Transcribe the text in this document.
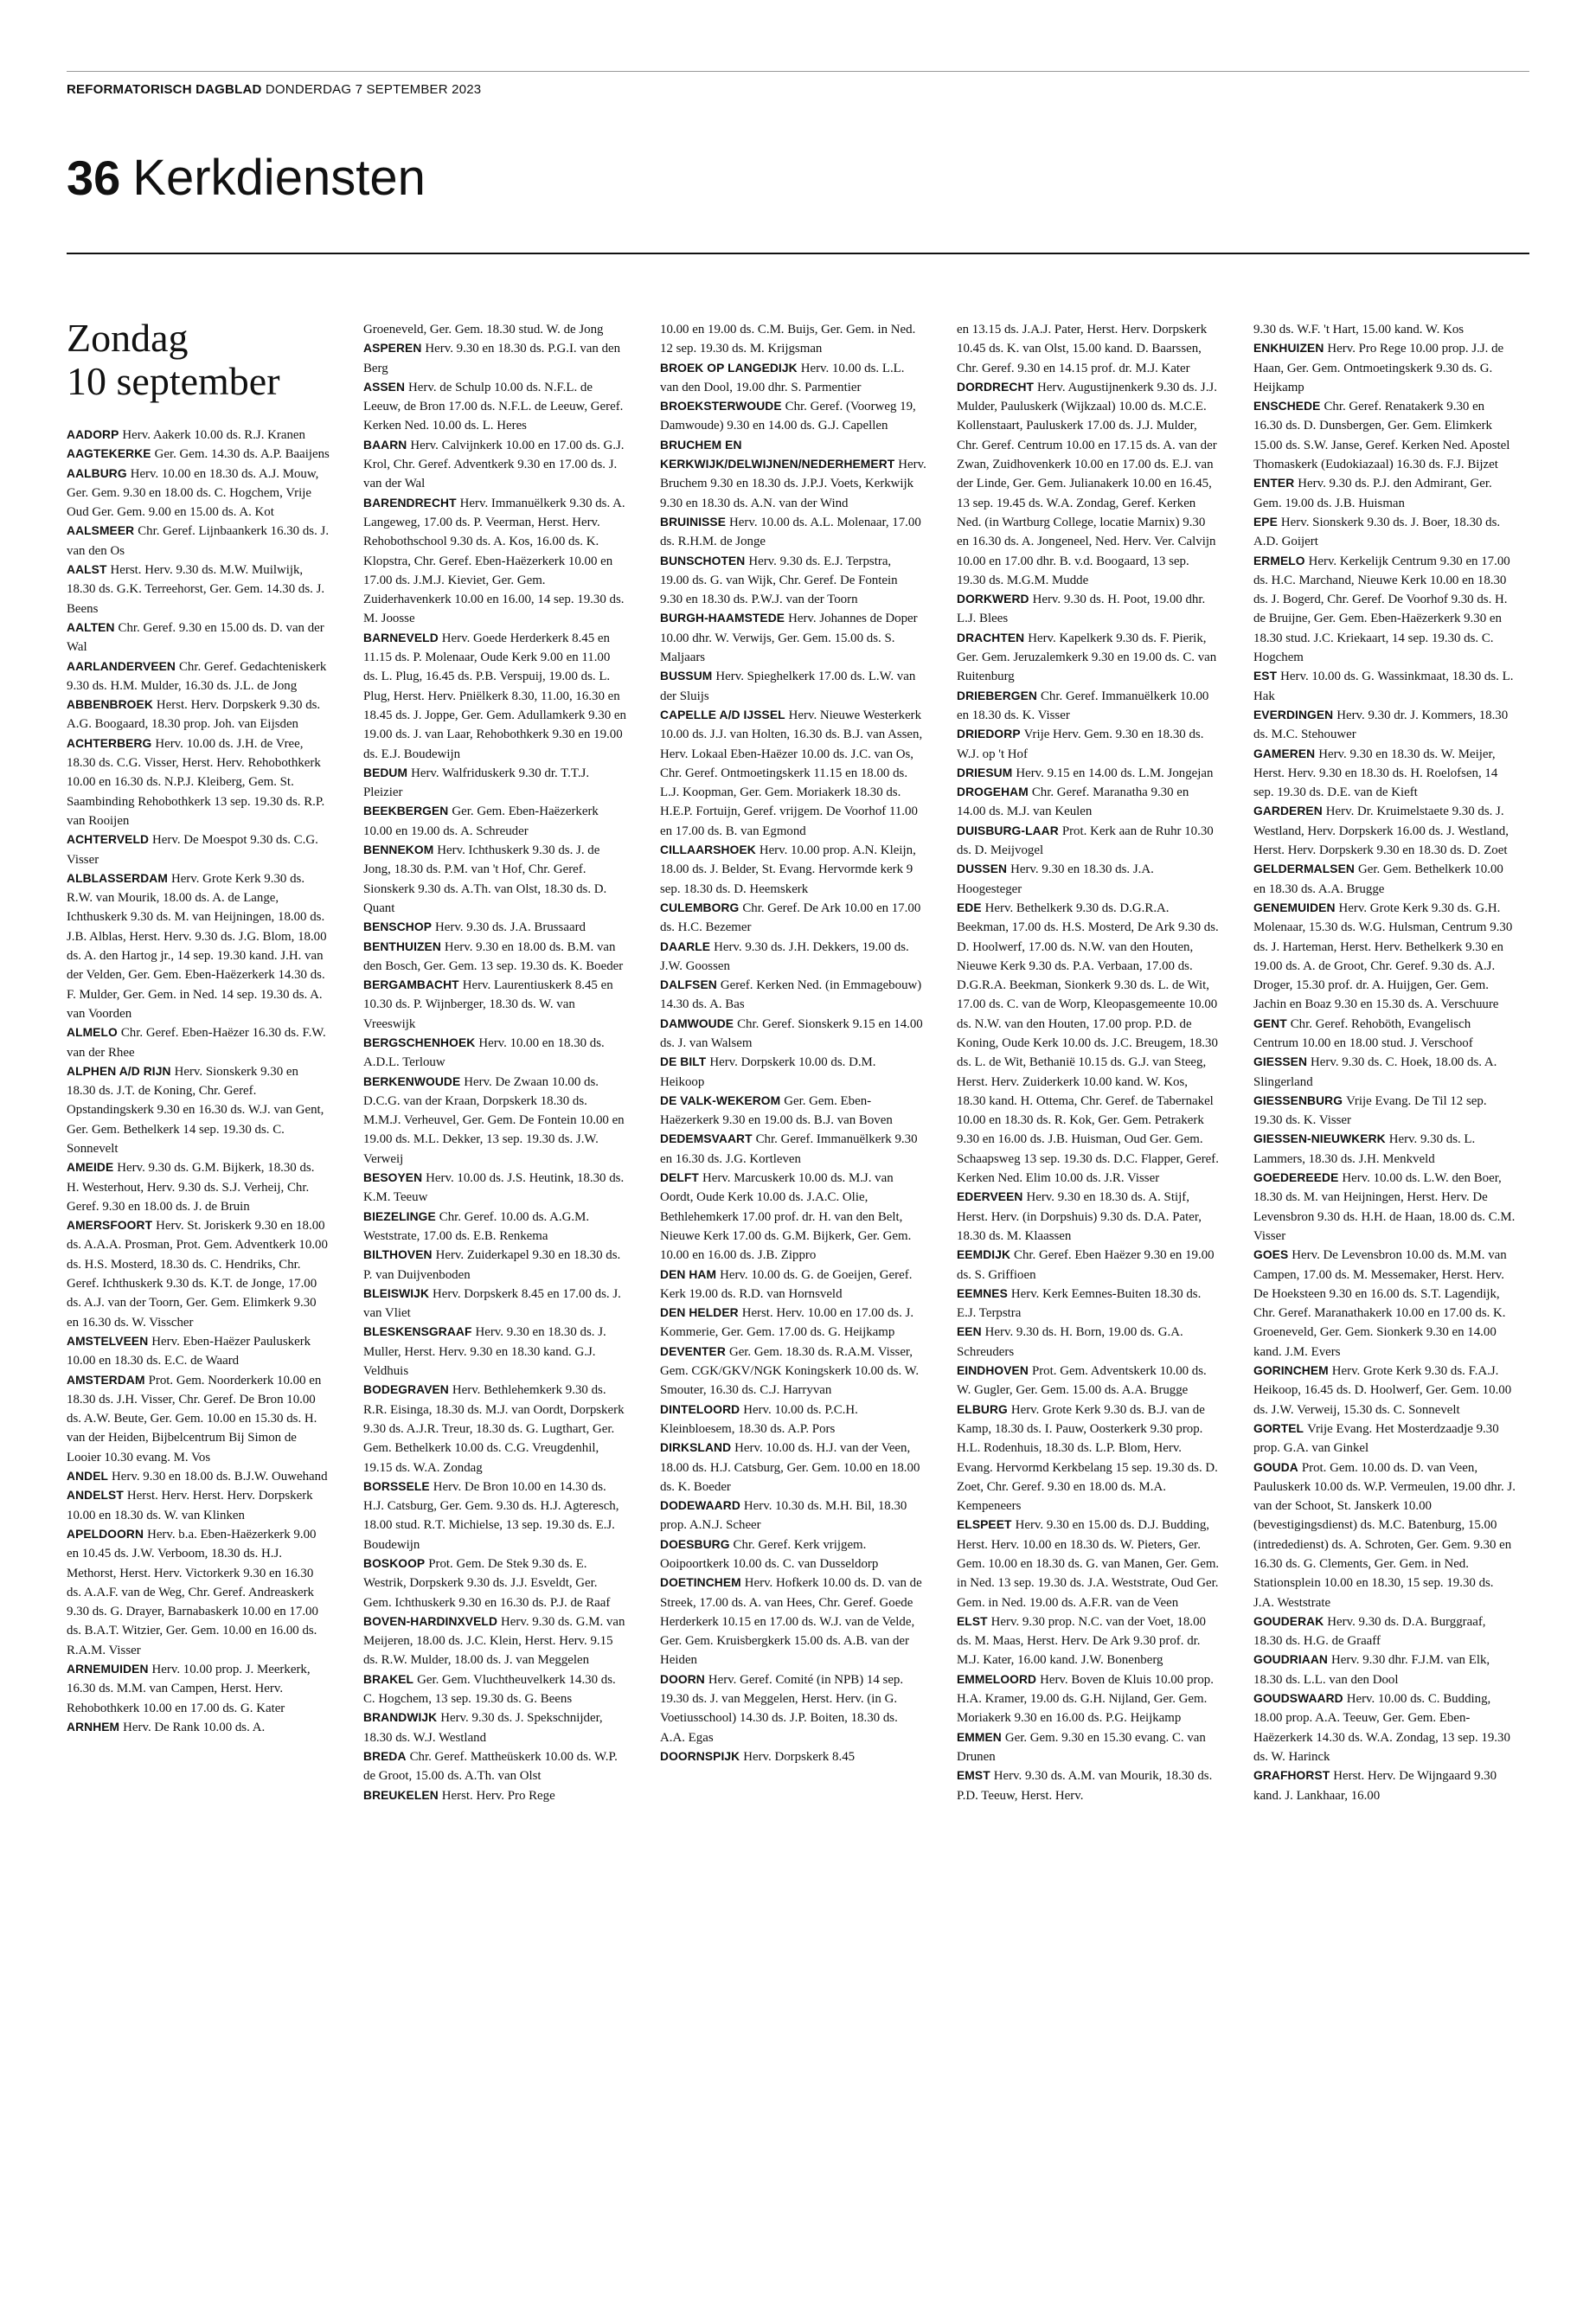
REFORMATORISCH DAGBLAD DONDERDAG 7 SEPTEMBER 2023
36 Kerkdiensten
Zondag
10 september

AADORP Herv. Aakerk 10.00 ds. R.J. Kranen

AAGTEKERKE Ger. Gem. 14.30 ds. A.P. Baaijens

AALBURG Herv. 10.00 en 18.30 ds. A.J. Mouw, Ger. Gem. 9.30 en 18.00 ds. C. Hogchem, Vrije Oud Ger. Gem. 9.00 en 15.00 ds. A. Kot

AALSMEER Chr. Geref. Lijnbaankerk 16.30 ds. J. van den Os

AALST Herst. Herv. 9.30 ds. M.W. Muilwijk, 18.30 ds. G.K. Terreehorst, Ger. Gem. 14.30 ds. J. Beens

AALTEN Chr. Geref. 9.30 en 15.00 ds. D. van der Wal

AARLANDERVEEN Chr. Geref. Gedachteniskerk 9.30 ds. H.M. Mulder, 16.30 ds. J.L. de Jong

ABBENBROEK Herst. Herv. Dorpskerk 9.30 ds. A.G. Boogaard, 18.30 prop. Joh. van Eijsden

ACHTERBERG Herv. 10.00 ds. J.H. de Vree, 18.30 ds. C.G. Visser, Herst. Herv. Rehobothkerk 10.00 en 16.30 ds. N.P.J. Kleiberg, Gem. St. Saambinding Rehobothkerk 13 sep. 19.30 ds. R.P. van Rooijen

ACHTERVELD Herv. De Moespot 9.30 ds. C.G. Visser

ALBLASSERDAM Herv. Grote Kerk 9.30 ds. R.W. van Mourik, 18.00 ds. A. de Lange, Ichthuskerk 9.30 ds. M. van Heijningen, 18.00 ds. J.B. Alblas, Herst. Herv. 9.30 ds. J.G. Blom, 18.00 ds. A. den Hartog jr., 14 sep. 19.30 kand. J.H. van der Velden, Ger. Gem. Eben-Haëzerkerk 14.30 ds. F. Mulder, Ger. Gem. in Ned. 14 sep. 19.30 ds. A. van Voorden

ALMELO Chr. Geref. Eben-Haëzer 16.30 ds. F.W. van der Rhee

ALPHEN A/D RIJN Herv. Sionskerk 9.30 en 18.30 ds. J.T. de Koning, Chr. Geref. Opstandingskerk 9.30 en 16.30 ds. W.J. van Gent, Ger. Gem. Bethelkerk 14 sep. 19.30 ds. C. Sonnevelt

AMEIDE Herv. 9.30 ds. G.M. Bijkerk, 18.30 ds. H. Westerhout, Herv. 9.30 ds. S.J. Verheij, Chr. Geref. 9.30 en 18.00 ds. J. de Bruin

AMERSFOORT Herv. St. Joriskerk 9.30 en 18.00 ds. A.A.A. Prosman, Prot. Gem. Adventkerk 10.00 ds. H.S. Mosterd, 18.30 ds. C. Hendriks, Chr. Geref. Ichthuskerk 9.30 ds. K.T. de Jonge, 17.00 ds. A.J. van der Toorn, Ger. Gem. Elimkerk 9.30 en 16.30 ds. W. Visscher

AMSTELVEEN Herv. Eben-Haëzer Pauluskerk 10.00 en 18.30 ds. E.C. de Waard

AMSTERDAM Prot. Gem. Noorderkerk 10.00 en 18.30 ds. J.H. Visser, Chr. Geref. De Bron 10.00 ds. A.W. Beute, Ger. Gem. 10.00 en 15.30 ds. H. van der Heiden, Bijbelcentrum Bij Simon de Looier 10.30 evang. M. Vos

ANDEL Herv. 9.30 en 18.00 ds. B.J.W. Ouwehand

ANDELST Herst. Herv. Herst. Herv. Dorpskerk 10.00 en 18.30 ds. W. van Klinken

APELDOORN Herv. b.a. Eben-Haëzerkerk 9.00 en 10.45 ds. J.W. Verboom, 18.30 ds. H.J. Methorst, Herst. Herv. Victorkerk 9.30 en 16.30 ds. A.A.F. van de Weg, Chr. Geref. Andreaskerk 9.30 ds. G. Drayer, Barnabaskerk 10.00 en 17.00 ds. B.A.T. Witzier, Ger. Gem. 10.00 en 16.00 ds. R.A.M. Visser

ARNEMUIDEN Herv. 10.00 prop. J. Meerkerk, 16.30 ds. M.M. van Campen, Herst. Herv. Rehobothkerk 10.00 en 17.00 ds. G. Kater

ARNHEM Herv. De Rank 10.00 ds. A.

Groeneveld, Ger. Gem. 18.30 stud. W. de Jong

ASPEREN Herv. 9.30 en 18.30 ds. P.G.I. van den Berg

ASSEN Herv. de Schulp 10.00 ds. N.F.L. de Leeuw, de Bron 17.00 ds. N.F.L. de Leeuw, Geref. Kerken Ned. 10.00 ds. L. Heres

BAARN Herv. Calvijnkerk 10.00 en 17.00 ds. G.J. Krol, Chr. Geref. Adventkerk 9.30 en 17.00 ds. J. van der Wal

BARENDRECHT Herv. Immanuëlkerk 9.30 ds. A. Langeweg, 17.00 ds. P. Veerman, Herst. Herv. Rehobothschool 9.30 ds. A. Kos, 16.00 ds. K. Klopstra, Chr. Geref. Eben-Haëzerkerk 10.00 en 17.00 ds. J.M.J. Kieviet, Ger. Gem. Zuiderhavenkerk 10.00 en 16.00, 14 sep. 19.30 ds. M. Joosse

BARNEVELD Herv. Goede Herderkerk 8.45 en 11.15 ds. P. Molenaar, Oude Kerk 9.00 en 11.00 ds. L. Plug, 16.45 ds. P.B. Verspuij, 19.00 ds. L. Plug, Herst. Herv. Pniëlkerk 8.30, 11.00, 16.30 en 18.45 ds. J. Joppe, Ger. Gem. Adullamkerk 9.30 en 19.00 ds. J. van Laar, Rehobothkerk 9.30 en 19.00 ds. E.J. Boudewijn

BEDUM Herv. Walfriduskerk 9.30 dr. T.T.J. Pleizier

BEEKBERGEN Ger. Gem. Eben-Haëzerkerk 10.00 en 19.00 ds. A. Schreuder

BENNEKOM Herv. Ichthuskerk 9.30 ds. J. de Jong, 18.30 ds. P.M. van 't Hof, Chr. Geref. Sionskerk 9.30 ds. A.Th. van Olst, 18.30 ds. D. Quant

BENSCHOP Herv. 9.30 ds. J.A. Brussaard

BENTHUIZEN Herv. 9.30 en 18.00 ds. B.M. van den Bosch, Ger. Gem. 13 sep. 19.30 ds. K. Boeder

BERGAMBACHT Herv. Laurentiuskerk 8.45 en 10.30 ds. P. Wijnberger, 18.30 ds. W. van Vreeswijk

BERGSCHENHOEK Herv. 10.00 en 18.30 ds. A.D.L. Terlouw

BERKENWOUDE Herv. De Zwaan 10.00 ds. D.C.G. van der Kraan, Dorpskerk 18.30 ds. M.M.J. Verheuvel, Ger. Gem. De Fontein 10.00 en 19.00 ds. M.L. Dekker, 13 sep. 19.30 ds. J.W. Verweij

BESOYEN Herv. 10.00 ds. J.S. Heutink, 18.30 ds. K.M. Teeuw

BIEZELINGE Chr. Geref. 10.00 ds. A.G.M. Weststrate, 17.00 ds. E.B. Renkema

BILTHOVEN Herv. Zuiderkapel 9.30 en 18.30 ds. P. van Duijvenboden

BLEISWIJK Herv. Dorpskerk 8.45 en 17.00 ds. J. van Vliet

BLESKENSGRAAF Herv. 9.30 en 18.30 ds. J. Muller, Herst. Herv. 9.30 en 18.30 kand. G.J. Veldhuis

BODEGRAVEN Herv. Bethlehemkerk 9.30 ds. R.R. Eisinga, 18.30 ds. M.J. van Oordt, Dorpskerk 9.30 ds. A.J.R. Treur, 18.30 ds. G. Lugthart, Ger. Gem. Bethelkerk 10.00 ds. C.G. Vreugdenhil, 19.15 ds. W.A. Zondag

BORSSELE Herv. De Bron 10.00 en 14.30 ds. H.J. Catsburg, Ger. Gem. 9.30 ds. H.J. Agteresch, 18.00 stud. R.T. Michielse, 13 sep. 19.30 ds. E.J. Boudewijn

BOSKOOP Prot. Gem. De Stek 9.30 ds. E. Westrik, Dorpskerk 9.30 ds. J.J. Esveldt, Ger. Gem. Ichthuskerk 9.30 en 16.30 ds. P.J. de Raaf

BOVEN-HARDINXVELD Herv. 9.30 ds. G.M. van Meijeren, 18.00 ds. J.C. Klein, Herst. Herv. 9.15 ds. R.W. Mulder, 18.00 ds. J. van Meggelen

BRAKEL Ger. Gem. Vluchtheuvelkerk 14.30 ds. C. Hogchem, 13 sep. 19.30 ds. G. Beens

BRANDWIJK Herv. 9.30 ds. J. Spekschnijder, 18.30 ds. W.J. Westland

BREDA Chr. Geref. Mattheüskerk 10.00 ds. W.P. de Groot, 15.00 ds. A.Th. van Olst

BREUKELEN Herst. Herv. Pro Rege

10.00 en 19.00 ds. C.M. Buijs, Ger. Gem. in Ned. 12 sep. 19.30 ds. M. Krijgsman

BROEK OP LANGEDIJK Herv. 10.00 ds. L.L. van den Dool, 19.00 dhr. S. Parmentier

BROEKSTERWOUDE Chr. Geref. (Voorweg 19, Damwoude) 9.30 en 14.00 ds. G.J. Capellen

BRUCHEM EN KERKWIJK/DELWIJNEN/NEDERHEMERT Herv. Bruchem 9.30 en 18.30 ds. J.P.J. Voets, Kerkwijk 9.30 en 18.30 ds. A.N. van der Wind

BRUINISSE Herv. 10.00 ds. A.L. Molenaar, 17.00 ds. R.H.M. de Jonge

BUNSCHOTEN Herv. 9.30 ds. E.J. Terpstra, 19.00 ds. G. van Wijk, Chr. Geref. De Fontein 9.30 en 18.30 ds. P.W.J. van der Toorn

BURGH-HAAMSTEDE Herv. Johannes de Doper 10.00 dhr. W. Verwijs, Ger. Gem. 15.00 ds. S. Maljaars

BUSSUM Herv. Spieghelkerk 17.00 ds. L.W. van der Sluijs

CAPELLE A/D IJSSEL Herv. Nieuwe Westerkerk 10.00 ds. J.J. van Holten, 16.30 ds. B.J. van Assen, Herv. Lokaal Eben-Haëzer 10.00 ds. J.C. van Os, Chr. Geref. Ontmoetingskerk 11.15 en 18.00 ds. L.J. Koopman, Ger. Gem. Moriakerk 18.30 ds. H.E.P. Fortuijn, Geref. vrijgem. De Voorhof 11.00 en 17.00 ds. B. van Egmond

CILLAARSHOEK Herv. 10.00 prop. A.N. Kleijn, 18.00 ds. J. Belder, St. Evang. Hervormde kerk 9 sep. 18.30 ds. D. Heemskerk

CULEMBORG Chr. Geref. De Ark 10.00 en 17.00 ds. H.C. Bezemer

DAARLE Herv. 9.30 ds. J.H. Dekkers, 19.00 ds. J.W. Goossen

DALFSEN Geref. Kerken Ned. (in Emmagebouw) 14.30 ds. A. Bas

DAMWOUDE Chr. Geref. Sionskerk 9.15 en 14.00 ds. J. van Walsem

DE BILT Herv. Dorpskerk 10.00 ds. D.M. Heikoop

DE VALK-WEKEROM Ger. Gem. Eben-Haëzerkerk 9.30 en 19.00 ds. B.J. van Boven

DEDEMSVAART Chr. Geref. Immanuëlkerk 9.30 en 16.30 ds. J.G. Kortleven

DELFT Herv. Marcuskerk 10.00 ds. M.J. van Oordt, Oude Kerk 10.00 ds. J.A.C. Olie, Bethlehemkerk 17.00 prof. dr. H. van den Belt, Nieuwe Kerk 17.00 ds. G.M. Bijkerk, Ger. Gem. 10.00 en 16.00 ds. J.B. Zippro

DEN HAM Herv. 10.00 ds. G. de Goeijen, Geref. Kerk 19.00 ds. R.D. van Hornsveld

DEN HELDER Herst. Herv. 10.00 en 17.00 ds. J. Kommerie, Ger. Gem. 17.00 ds. G. Heijkamp

DEVENTER Ger. Gem. 18.30 ds. R.A.M. Visser, Gem. CGK/GKV/NGK Koningskerk 10.00 ds. W. Smouter, 16.30 ds. C.J. Harryvan

DINTELOORD Herv. 10.00 ds. P.C.H. Kleinbloesem, 18.30 ds. A.P. Pors

DIRKSLAND Herv. 10.00 ds. H.J. van der Veen, 18.00 ds. H.J. Catsburg, Ger. Gem. 10.00 en 18.00 ds. K. Boeder

DODEWAARD Herv. 10.30 ds. M.H. Bil, 18.30 prop. A.N.J. Scheer

DOESBURG Chr. Geref. Kerk vrijgem. Ooipoortkerk 10.00 ds. C. van Dusseldorp

DOETINCHEM Herv. Hofkerk 10.00 ds. D. van de Streek, 17.00 ds. A. van Hees, Chr. Geref. Goede Herderkerk 10.15 en 17.00 ds. W.J. van de Velde, Ger. Gem. Kruisbergkerk 15.00 ds. A.B. van der Heiden

DOORN Herv. Geref. Comité (in NPB) 14 sep. 19.30 ds. J. van Meggelen, Herst. Herv. (in G. Voetiusschool) 14.30 ds. J.P. Boiten, 18.30 ds. A.A. Egas

DOORNSPIJK Herv. Dorpskerk 8.45

en 13.15 ds. J.A.J. Pater, Herst. Herv. Dorpskerk 10.45 ds. K. van Olst, 15.00 kand. D. Baarssen, Chr. Geref. 9.30 en 14.15 prof. dr. M.J. Kater

DORDRECHT Herv. Augustijnenkerk 9.30 ds. J.J. Mulder, Pauluskerk (Wijkzaal) 10.00 ds. M.C.E. Kollenstaart, Pauluskerk 17.00 ds. J.J. Mulder, Chr. Geref. Centrum 10.00 en 17.15 ds. A. van der Zwan, Zuidhovenkerk 10.00 en 17.00 ds. E.J. van der Linde, Ger. Gem. Julianakerk 10.00 en 16.45, 13 sep. 19.45 ds. W.A. Zondag, Geref. Kerken Ned. (in Wartburg College, locatie Marnix) 9.30 en 16.30 ds. A. Jongeneel, Ned. Herv. Ver. Calvijn 10.00 en 17.00 dhr. B. v.d. Boogaard, 13 sep. 19.30 ds. M.G.M. Mudde

DORKWERD Herv. 9.30 ds. H. Poot, 19.00 dhr. L.J. Blees

DRACHTEN Herv. Kapelkerk 9.30 ds. F. Pierik, Ger. Gem. Jeruzalemkerk 9.30 en 19.00 ds. C. van Ruitenburg

DRIEBERGEN Chr. Geref. Immanuëlkerk 10.00 en 18.30 ds. K. Visser

DRIEDORP Vrije Herv. Gem. 9.30 en 18.30 ds. W.J. op 't Hof

DRIESUM Herv. 9.15 en 14.00 ds. L.M. Jongejan

DROGEHAM Chr. Geref. Maranatha 9.30 en 14.00 ds. M.J. van Keulen

DUISBURG-LAAR Prot. Kerk aan de Ruhr 10.30 ds. D. Meijvogel

DUSSEN Herv. 9.30 en 18.30 ds. J.A. Hoogesteger

EDE Herv. Bethelkerk 9.30 ds. D.G.R.A. Beekman, 17.00 ds. H.S. Mosterd, De Ark 9.30 ds. D. Hoolwerf, 17.00 ds. N.W. van den Houten, Nieuwe Kerk 9.30 ds. P.A. Verbaan, 17.00 ds. D.G.R.A. Beekman, Sionkerk 9.30 ds. L. de Wit, 17.00 ds. C. van de Worp, Kleopasgemeente 10.00 ds. N.W. van den Houten, 17.00 prop. P.D. de Koning, Oude Kerk 10.00 ds. J.C. Breugem, 18.30 ds. L. de Wit, Bethanië 10.15 ds. G.J. van Steeg, Herst. Herv. Zuiderkerk 10.00 kand. W. Kos, 18.30 kand. H. Ottema, Chr. Geref. de Tabernakel 10.00 en 18.30 ds. R. Kok, Ger. Gem. Petrakerk 9.30 en 16.00 ds. J.B. Huisman, Oud Ger. Gem. Schaapsweg 13 sep. 19.30 ds. D.C. Flapper, Geref. Kerken Ned. Elim 10.00 ds. J.R. Visser

EDERVEEN Herv. 9.30 en 18.30 ds. A. Stijf, Herst. Herv. (in Dorpshuis) 9.30 ds. D.A. Pater, 18.30 ds. M. Klaassen

EEMDIJK Chr. Geref. Eben Haëzer 9.30 en 19.00 ds. S. Griffioen

EEMNES Herv. Kerk Eemnes-Buiten 18.30 ds. E.J. Terpstra

EEN Herv. 9.30 ds. H. Born, 19.00 ds. G.A. Schreuders

EINDHOVEN Prot. Gem. Adventskerk 10.00 ds. W. Gugler, Ger. Gem. 15.00 ds. A.A. Brugge

ELBURG Herv. Grote Kerk 9.30 ds. B.J. van de Kamp, 18.30 ds. I. Pauw, Oosterkerk 9.30 prop. H.L. Rodenhuis, 18.30 ds. L.P. Blom, Herv. Evang. Hervormd Kerkbelang 15 sep. 19.30 ds. D. Zoet, Chr. Geref. 9.30 en 18.00 ds. M.A. Kempeneers

ELSPEET Herv. 9.30 en 15.00 ds. D.J. Budding, Herst. Herv. 10.00 en 18.30 ds. W. Pieters, Ger. Gem. 10.00 en 18.30 ds. G. van Manen, Ger. Gem. in Ned. 13 sep. 19.30 ds. J.A. Weststrate, Oud Ger. Gem. in Ned. 19.00 ds. A.F.R. van de Veen

ELST Herv. 9.30 prop. N.C. van der Voet, 18.00 ds. M. Maas, Herst. Herv. De Ark 9.30 prof. dr. M.J. Kater, 16.00 kand. J.W. Bonenberg

EMMELOORD Herv. Boven de Kluis 10.00 prop. H.A. Kramer, 19.00 ds. G.H. Nijland, Ger. Gem. Moriakerk 9.30 en 16.00 ds. P.G. Heijkamp

EMMEN Ger. Gem. 9.30 en 15.30 evang. C. van Drunen

EMST Herv. 9.30 ds. A.M. van Mourik, 18.30 ds. P.D. Teeuw, Herst. Herv.

9.30 ds. W.F. 't Hart, 15.00 kand. W. Kos

ENKHUIZEN Herv. Pro Rege 10.00 prop. J.J. de Haan, Ger. Gem. Ontmoetingskerk 9.30 ds. G. Heijkamp

ENSCHEDE Chr. Geref. Renatakerk 9.30 en 16.30 ds. D. Dunsbergen, Ger. Gem. Elimkerk 15.00 ds. S.W. Janse, Geref. Kerken Ned. Apostel Thomaskerk (Eudokiazaal) 16.30 ds. F.J. Bijzet

ENTER Herv. 9.30 ds. P.J. den Admirant, Ger. Gem. 19.00 ds. J.B. Huisman

EPE Herv. Sionskerk 9.30 ds. J. Boer, 18.30 ds. A.D. Goijert

ERMELO Herv. Kerkelijk Centrum 9.30 en 17.00 ds. H.C. Marchand, Nieuwe Kerk 10.00 en 18.30 ds. J. Bogerd, Chr. Geref. De Voorhof 9.30 ds. H. de Bruijne, Ger. Gem. Eben-Haëzerkerk 9.30 en 18.30 stud. J.C. Kriekaart, 14 sep. 19.30 ds. C. Hogchem

EST Herv. 10.00 ds. G. Wassinkmaat, 18.30 ds. L. Hak

EVERDINGEN Herv. 9.30 dr. J. Kommers, 18.30 ds. M.C. Stehouwer

GAMEREN Herv. 9.30 en 18.30 ds. W. Meijer, Herst. Herv. 9.30 en 18.30 ds. H. Roelofsen, 14 sep. 19.30 ds. D.E. van de Kieft

GARDEREN Herv. Dr. Kruimelstaete 9.30 ds. J. Westland, Herv. Dorpskerk 16.00 ds. J. Westland, Herst. Herv. Dorpskerk 9.30 en 18.30 ds. D. Zoet

GELDERMALSEN Ger. Gem. Bethelkerk 10.00 en 18.30 ds. A.A. Brugge

GENEMUIDEN Herv. Grote Kerk 9.30 ds. G.H. Molenaar, 15.30 ds. W.G. Hulsman, Centrum 9.30 ds. J. Harteman, Herst. Herv. Bethelkerk 9.30 en 19.00 ds. A. de Groot, Chr. Geref. 9.30 ds. A.J. Droger, 15.30 prof. dr. A. Huijgen, Ger. Gem. Jachin en Boaz 9.30 en 15.30 ds. A. Verschuure

GENT Chr. Geref. Rehoböth, Evangelisch Centrum 10.00 en 18.00 stud. J. Verschoof

GIESSEN Herv. 9.30 ds. C. Hoek, 18.00 ds. A. Slingerland

GIESSENBURG Vrije Evang. De Til 12 sep. 19.30 ds. K. Visser

GIESSEN-NIEUWKERK Herv. 9.30 ds. L. Lammers, 18.30 ds. J.H. Menkveld

GOEDEREEDE Herv. 10.00 ds. L.W. den Boer, 18.30 ds. M. van Heijningen, Herst. Herv. De Levensbron 9.30 ds. H.H. de Haan, 18.00 ds. C.M. Visser

GOES Herv. De Levensbron 10.00 ds. M.M. van Campen, 17.00 ds. M. Messemaker, Herst. Herv. De Hoeksteen 9.30 en 16.00 ds. S.T. Lagendijk, Chr. Geref. Maranathakerk 10.00 en 17.00 ds. K. Groeneveld, Ger. Gem. Sionkerk 9.30 en 14.00 kand. J.M. Evers

GORINCHEM Herv. Grote Kerk 9.30 ds. F.A.J. Heikoop, 16.45 ds. D. Hoolwerf, Ger. Gem. 10.00 ds. J.W. Verweij, 15.30 ds. C. Sonnevelt

GORTEL Vrije Evang. Het Mosterdzaadje 9.30 prop. G.A. van Ginkel

GOUDA Prot. Gem. 10.00 ds. D. van Veen, Pauluskerk 10.00 ds. W.P. Vermeulen, 19.00 dhr. J. van der Schoot, St. Janskerk 10.00 (bevestigingsdienst) ds. M.C. Batenburg, 15.00 (intrededienst) ds. A. Schroten, Ger. Gem. 9.30 en 16.30 ds. G. Clements, Ger. Gem. in Ned. Stationsplein 10.00 en 18.30, 15 sep. 19.30 ds. J.A. Weststrate

GOUDERAK Herv. 9.30 ds. D.A. Burggraaf, 18.30 ds. H.G. de Graaff

GOUDRIAAN Herv. 9.30 dhr. F.J.M. van Elk, 18.30 ds. L.L. van den Dool

GOUDSWAARD Herv. 10.00 ds. C. Budding, 18.00 prop. A.A. Teeuw, Ger. Gem. Eben-Haëzerkerk 14.30 ds. W.A. Zondag, 13 sep. 19.30 ds. W. Harinck

GRAFHORST Herst. Herv. De Wijngaard 9.30 kand. J. Lankhaar, 16.00
